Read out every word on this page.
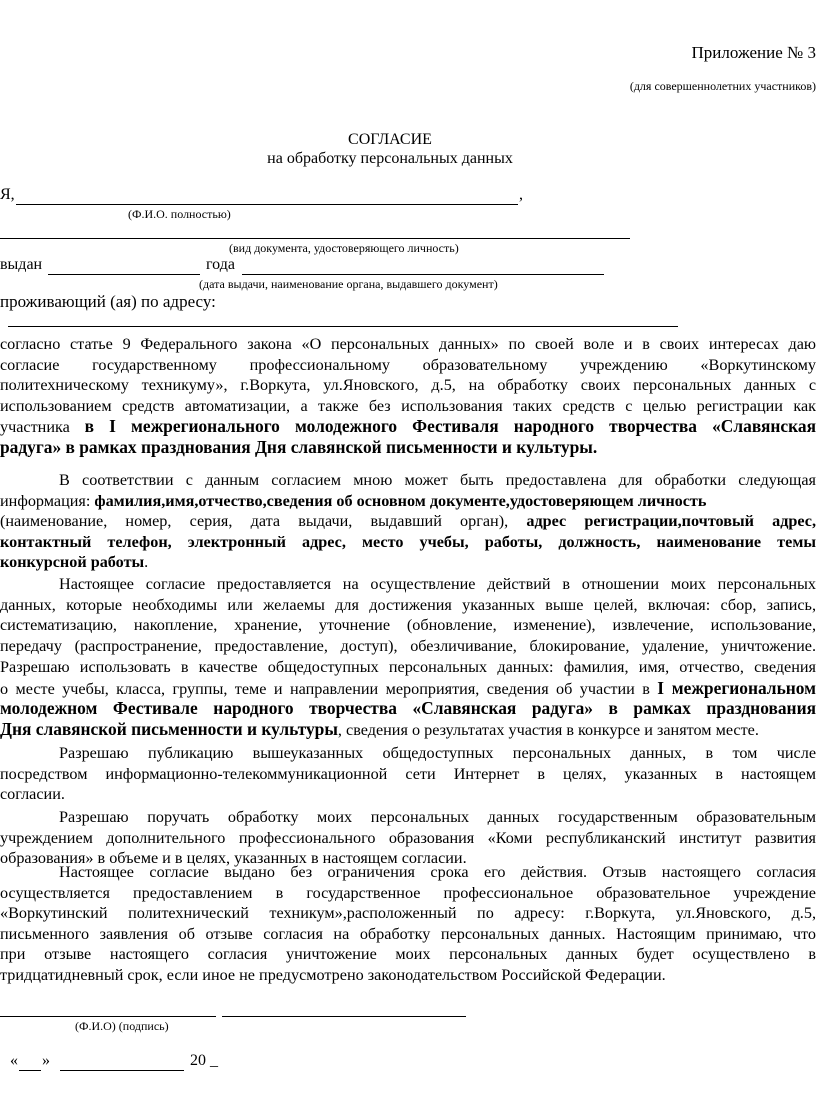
Приложение № 3
(для совершеннолетних участников)
СОГЛАСИЕ
на обработку персональных данных
Я,	,
(Ф.И.О. полностью)
(вид документа, удостоверяющего личность)
выдан	года
(дата выдачи, наименование органа, выдавшего документ)
проживающий (ая) по адресу:
согласно статье 9 Федерального закона «О персональных данных» по своей воле и в своих интересах даю
согласие государственному профессиональному образовательному учреждению «Воркутинскому
политехническому техникуму», г.Воркута, ул.Яновского, д.5, на обработку своих персональных данных с
использованием средств автоматизации, а также без использования таких средств с целью регистрации как
участника в I межрегионального молодежного Фестиваля народного творчества «Славянская
радуга» в рамках празднования Дня славянской письменности и культуры.
В соответствии с данным согласием мною может быть предоставлена для обработки следующая
информация: фамилия,имя,отчество,сведения об основном документе,удостоверяющем личность
(наименование, номер, серия, дата выдачи, выдавший орган), адрес регистрации,почтовый адрес,
контактный телефон, электронный адрес, место учебы, работы, должность, наименование темы
конкурсной работы.
Настоящее согласие предоставляется на осуществление действий в отношении моих персональных
данных, которые необходимы или желаемы для достижения указанных выше целей, включая: сбор, запись,
систематизацию, накопление, хранение, уточнение (обновление, изменение), извлечение, использование,
передачу (распространение, предоставление, доступ), обезличивание, блокирование, удаление, уничтожение.
Разрешаю использовать в качестве общедоступных персональных данных: фамилия, имя, отчество, сведения
о месте учебы, класса, группы, теме и направлении мероприятия, сведения об участии в I межрегиональном
молодежном Фестивале народного творчества «Славянская радуга» в рамках празднования
Дня славянской письменности и культуры, сведения о результатах участия в конкурсе и занятом месте.
Разрешаю публикацию вышеуказанных общедоступных персональных данных, в том числе
посредством информационно-телекоммуникационной сети Интернет в целях, указанных в настоящем
согласии.
Разрешаю поручать обработку моих персональных данных государственным образовательным
учреждением дополнительного профессионального образования «Коми республиканский институт развития
образования» в объеме и в целях, указанных в настоящем согласии.
Настоящее согласие выдано без ограничения срока его действия. Отзыв настоящего согласия
осуществляется предоставлением в государственное профессиональное образовательное учреждение
«Воркутинский политехнический техникум»,расположенный по адресу: г.Воркута, ул.Яновского, д.5,
письменного заявления об отзыве согласия на обработку персональных данных. Настоящим принимаю, что
при отзыве настоящего согласия уничтожение моих персональных данных будет осуществлено в
тридцатидневный срок, если иное не предусмотрено законодательством Российской Федерации.
(Ф.И.О) (подпись)
« »	20 _
